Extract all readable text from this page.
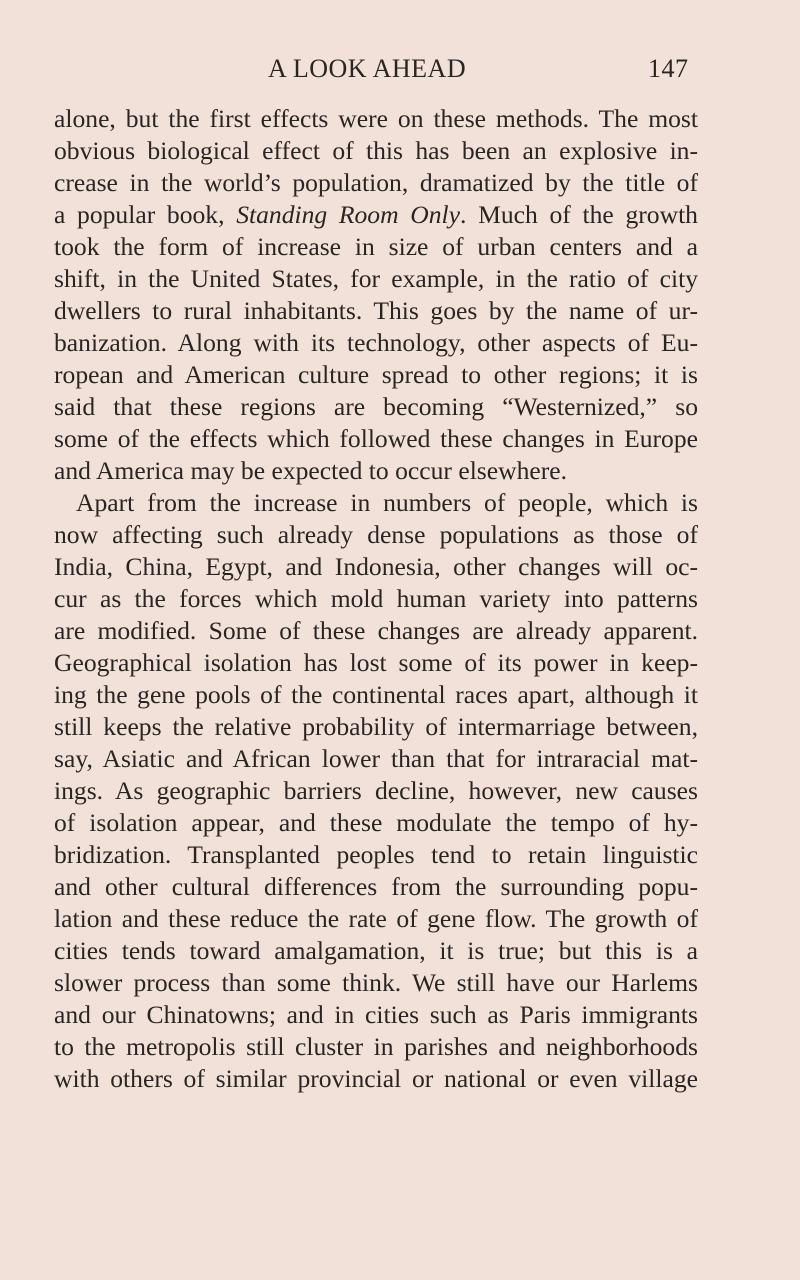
A LOOK AHEAD	147
alone, but the first effects were on these methods. The most
obvious biological effect of this has been an explosive in-
crease in the world’s population, dramatized by the title of
a popular book, Standing Room Only. Much of the growth
took the form of increase in size of urban centers and a
shift, in the United States, for example, in the ratio of city
dwellers to rural inhabitants. This goes by the name of ur-
banization. Along with its technology, other aspects of Eu-
ropean and American culture spread to other regions; it is
said that these regions are becoming “Westernized,” so
some of the effects which followed these changes in Europe
and America may be expected to occur elsewhere.
Apart from the increase in numbers of people, which is
now affecting such already dense populations as those of
India, China, Egypt, and Indonesia, other changes will oc-
cur as the forces which mold human variety into patterns
are modified. Some of these changes are already apparent.
Geographical isolation has lost some of its power in keep-
ing the gene pools of the continental races apart, although it
still keeps the relative probability of intermarriage between,
say, Asiatic and African lower than that for intraracial mat-
ings. As geographic barriers decline, however, new causes
of isolation appear, and these modulate the tempo of hy-
bridization. Transplanted peoples tend to retain linguistic
and other cultural differences from the surrounding popu-
lation and these reduce the rate of gene flow. The growth of
cities tends toward amalgamation, it is true; but this is a
slower process than some think. We still have our Harlems
and our Chinatowns; and in cities such as Paris immigrants
to the metropolis still cluster in parishes and neighborhoods
with others of similar provincial or national or even village
